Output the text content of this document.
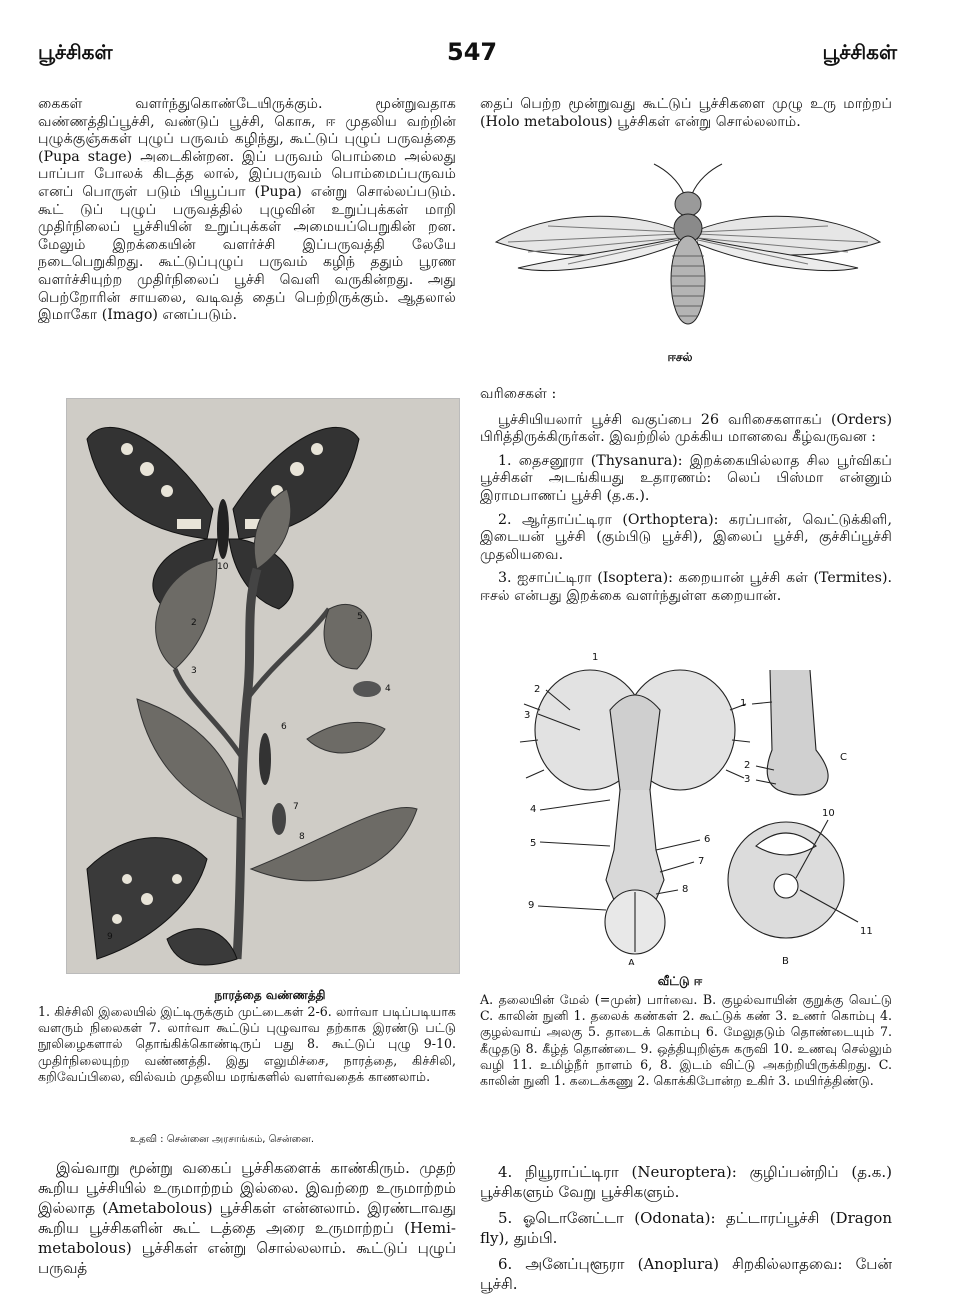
பூச்சிகள்	547	பூச்சிகள்

கைகள் வளர்ந்துகொண்டேயிருக்கும். மூன்றுவதாக வண்ணத்திப்பூச்சி, வண்டுப் பூச்சி, கொசு, ஈ முதலிய வற்றின் புழுக்குஞ்சுகள் புழுப் பருவம் கழிந்து, கூட்டுப் புழுப் பருவத்தை (Pupa stage) அடைகின்றன. இப் பருவம் பொம்மை அல்லது பாப்பா போலக் கிடத்த லால், இப்பருவம் பொம்மைப்பருவம் எனப் பொருள் படும் பியூப்பா (Pupa) என்று சொல்லப்படும். கூட் டுப் புழுப் பருவத்தில் புழுவின் உறுப்புக்கள் மாறி முதிர்நிலைப் பூச்சியின் உறுப்புக்கள் அமையப்பெறுகின் றன. மேலும் இறக்கையின் வளர்ச்சி இப்பருவத்தி லேயே நடைபெறுகிறது. கூட்டுப்புழுப் பருவம் கழிந் ததும் பூரண வளர்ச்சியுற்ற முதிர்நிலைப் பூச்சி வெளி வருகின்றது. அது பெற்றோரின் சாயலை, வடிவத் தைப் பெற்றிருக்கும். ஆதலால் இமாகோ (Imago) எனப்படும்.

தைப் பெற்ற மூன்றுவது கூட்டுப் பூச்சிகளை முழு உரு மாற்றப் (Holo metabolous) பூச்சிகள் என்று சொல்லலாம்.

ஈசல்

வரிசைகள் :

பூச்சியியலார் பூச்சி வகுப்பை 26 வரிசைகளாகப் (Orders) பிரித்திருக்கிருர்கள். இவற்றில் முக்கிய மானவை கீழ்வருவன :

1. தைசனூரா (Thysanura): இறக்கையில்லாத சில பூர்விகப் பூச்சிகள் அடங்கியது உதாரணம்: லெப் பிஸ்மா என்னும் இராமபாணப் பூச்சி (த.க.).

2. ஆர்தாப்ட்டிரா (Orthoptera): கரப்பான், வெட்டுக்கிளி, இடையன் பூச்சி (கும்பிடு பூச்சி), இலைப் பூச்சி, குச்சிப்பூச்சி முதலியவை.

3. ஐசாப்ட்டிரா (Isoptera): கறையான் பூச்சி கள் (Termites). ஈசல் என்பது இறக்கை வளர்ந்துள்ள கறையான்.

1
2
3
4
5	6
7
8
9
1
2
3
C
10
11
A	B
வீட்டு ஈ
A. தலையின் மேல் (=முன்) பார்வை. B. குழல்வாயின் குறுக்கு வெட்டு C. காலின் நுனி 1. தலைக் கண்கள் 2. கூட்டுக் கண் 3. உணர் கொம்பு 4. குழல்வாய் அலகு 5. தாடைக் கொம்பு 6. மேலுதடும் தொண்டையும் 7. கீழுதடு 8. கீழ்த் தொண்டை 9. ஒத்தியுறிஞ்சு கருவி 10. உணவு செல்லும் வழி 11. உமிழ்நீர் நாளம் 6, 8. இடம் விட்டு அகற்றியிருக்கிறது. C. காலின் நுனி 1. கடைக்கணு 2. கொக்கிபோன்ற உகிர் 3. மயிர்த்திண்டு.
10
2
5
3
4
6
7
8
9
நாரத்தை வண்ணத்தி
1. கிச்சிலி இலையில் இட்டிருக்கும் முட்டைகள் 2-6. லார்வா படிப்படியாக வளரும் நிலைகள் 7. லார்வா கூட்டுப் புழுவாவ தற்காக இரண்டு பட்டு நூலிழைகளால் தொங்கிக்கொண்டிருப் பது 8. கூட்டுப் புழு 9-10. முதிர்நிலையுற்ற வண்ணத்தி. இது எலுமிச்சை, நாரத்தை, கிச்சிலி, கறிவேப்பிலை, வில்வம் முதலிய மரங்களில் வளர்வதைக் காணலாம்.
உதவி : சென்னை அரசாங்கம், சென்னை.

இவ்வாறு மூன்று வகைப் பூச்சிகளைக் காண்கிரும். முதற் கூறிய பூச்சியில் உருமாற்றம் இல்லை. இவற்றை உருமாற்றம் இல்லாத (Ametabolous) பூச்சிகள் என்னலாம். இரண்டாவது கூறிய பூச்சிகளின் கூட் டத்தை அரை உருமாற்றப் (Hemi-metabolous) பூச்சிகள் என்று சொல்லலாம். கூட்டுப் புழுப் பருவத்

4. நியூராப்ட்டிரா (Neuroptera): குழிப்பன்றிப் (த.க.) பூச்சிகளும் வேறு பூச்சிகளும்.

5. ஓடொனேட்டா (Odonata): தட்டாரப்பூச்சி (Dragon fly), தும்பி.

6. அனேப்புளூரா (Anoplura) சிறகில்லாதவை: பேன் பூச்சி.
